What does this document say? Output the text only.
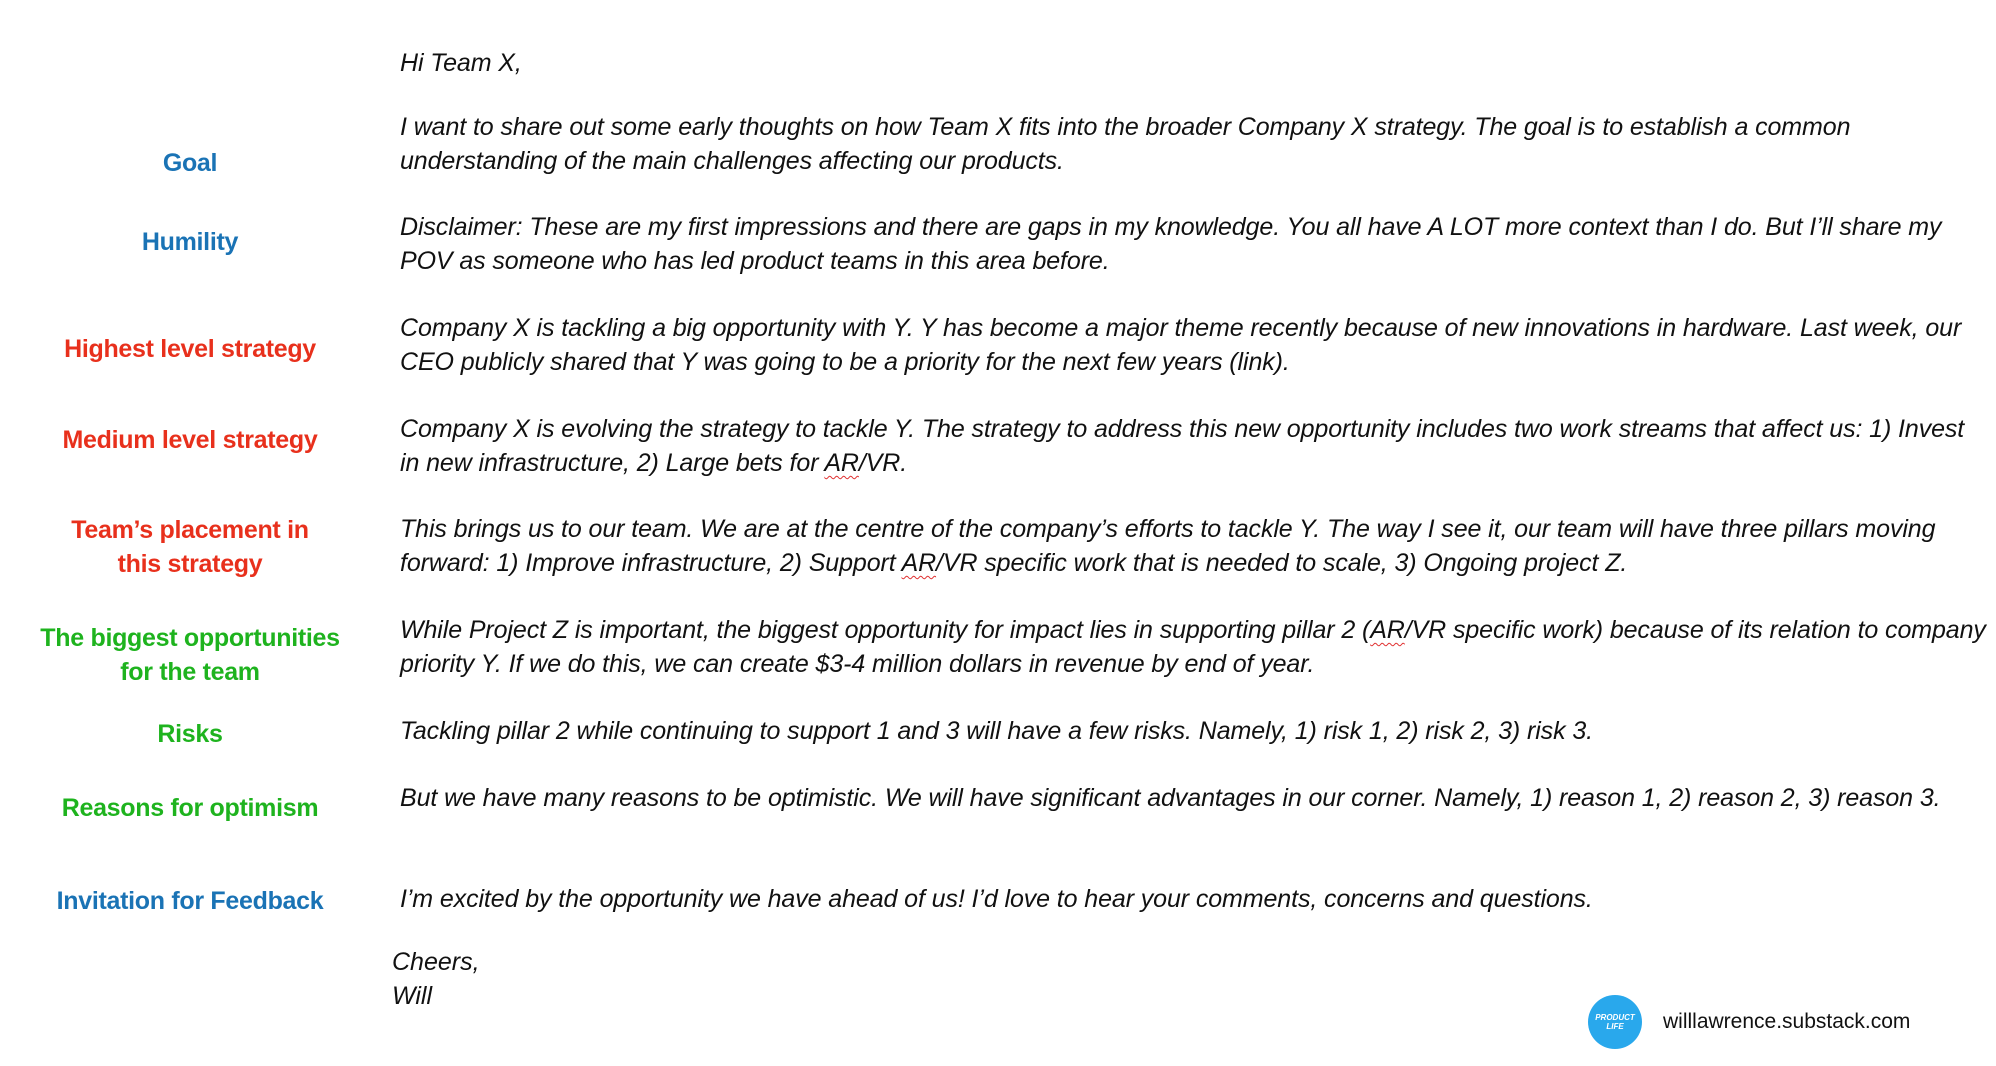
Goal
Humility
Highest level strategy
Medium level strategy
Team’s placement in
this strategy
The biggest opportunities
for the team
Risks
Reasons for optimism
Invitation for Feedback
Hi Team X,
I want to share out some early thoughts on how Team X fits into the broader Company X strategy. The goal is to establish a common understanding of the main challenges affecting our products.
Disclaimer: These are my first impressions and there are gaps in my knowledge. You all have A LOT more context than I do. But I’ll share my POV as someone who has led product teams in this area before.
Company X is tackling a big opportunity with Y. Y has become a major theme recently because of new innovations in hardware. Last week, our CEO publicly shared that Y was going to be a priority for the next few years (link).
Company X is evolving the strategy to tackle Y. The strategy to address this new opportunity includes two work streams that affect us: 1) Invest in new infrastructure, 2) Large bets for AR/VR.
This brings us to our team. We are at the centre of the company’s efforts to tackle Y. The way I see it, our team will have three pillars moving forward: 1) Improve infrastructure, 2) Support AR/VR specific work that is needed to scale, 3) Ongoing project Z.
While Project Z is important, the biggest opportunity for impact lies in supporting pillar 2 (AR/VR specific work) because of its relation to company priority Y. If we do this, we can create $3-4 million dollars in revenue by end of year.
Tackling pillar 2 while continuing to support 1 and 3 will have a few risks. Namely, 1) risk 1, 2) risk 2, 3) risk 3.
But we have many reasons to be optimistic. We will have significant advantages in our corner. Namely, 1) reason 1, 2) reason 2, 3) reason 3.
I’m excited by the opportunity we have ahead of us! I’d love to hear your comments, concerns and questions.
Cheers,
Will
PRODUCT
LIFE	willlawrence.substack.com
